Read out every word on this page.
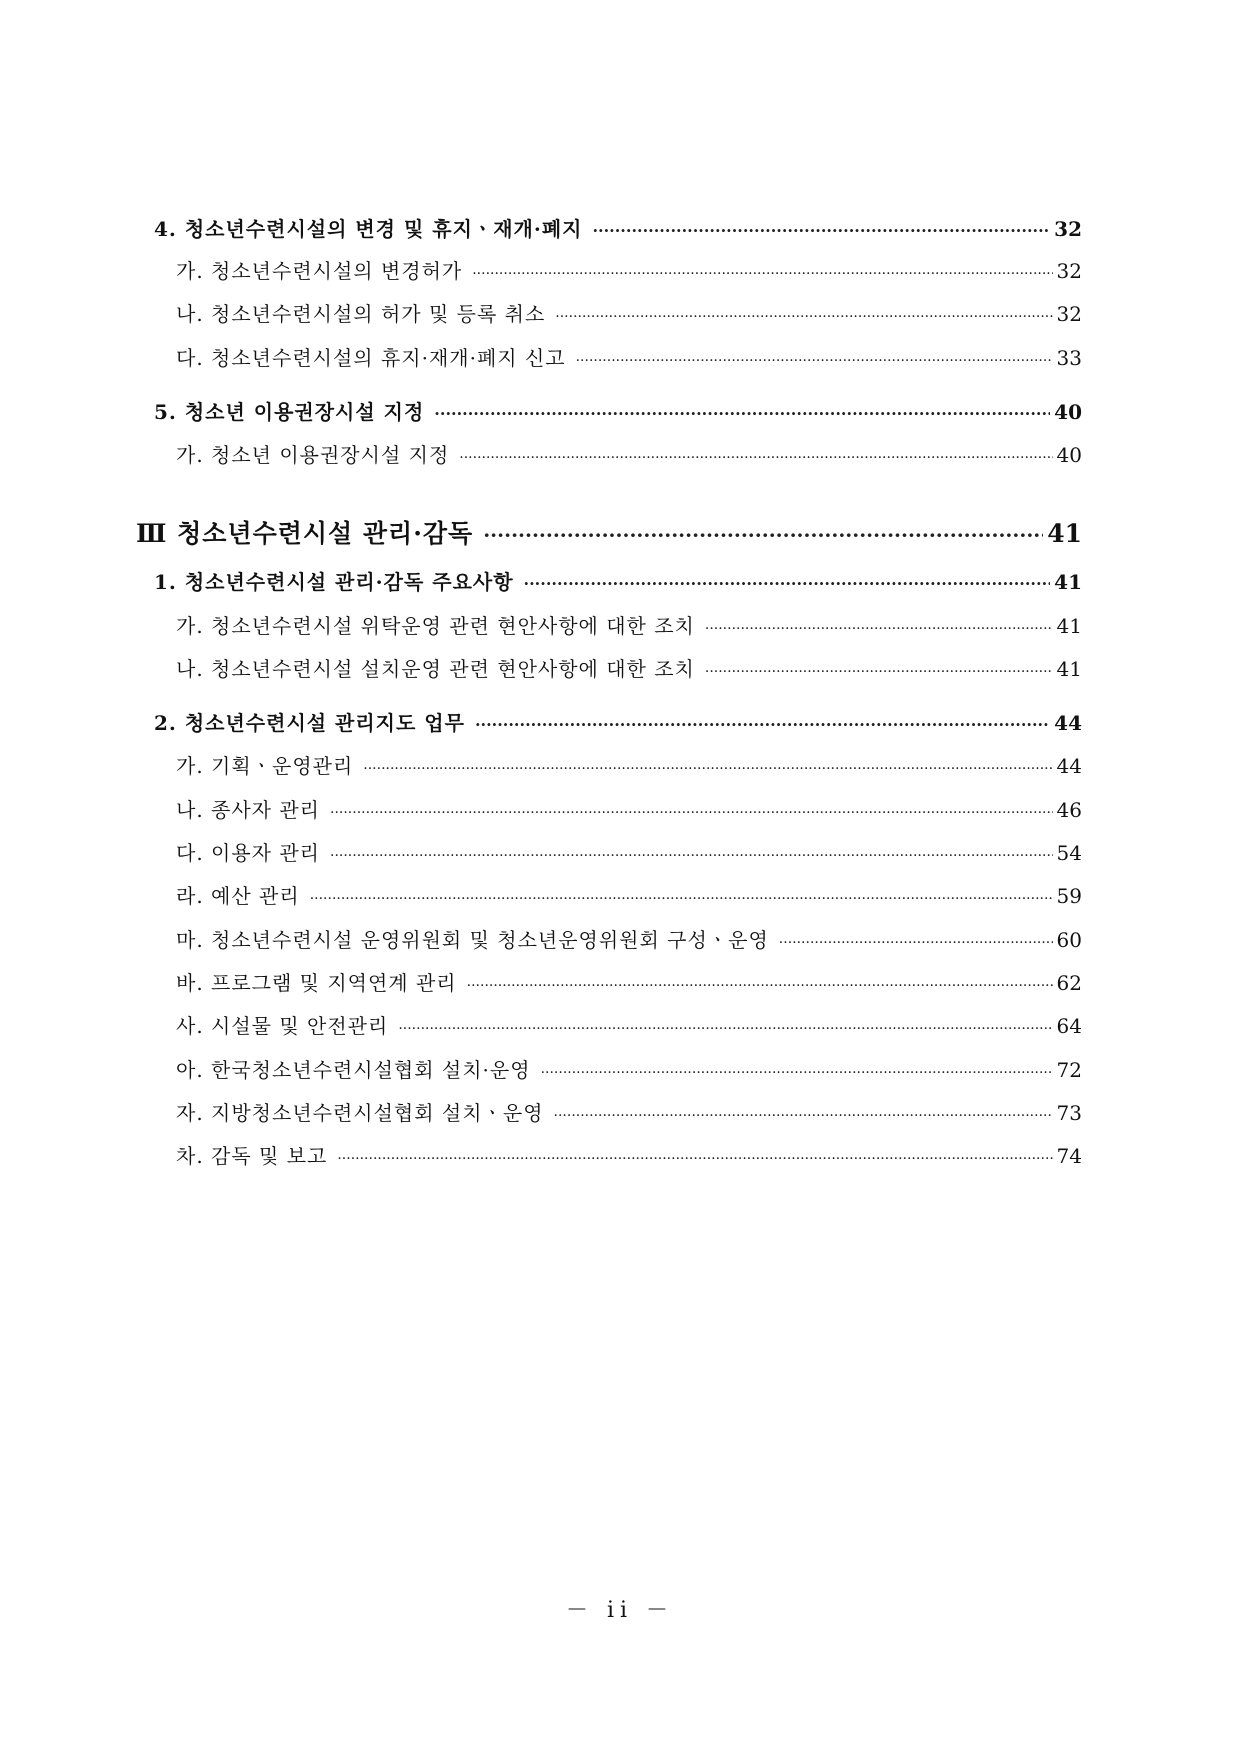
4. 청소년수련시설의 변경 및 휴지ㆍ재개·폐지 ·····	32
가. 청소년수련시설의 변경허가 ·····	32
나. 청소년수련시설의 허가 및 등록 취소 ·····	32
다. 청소년수련시설의 휴지·재개·폐지 신고 ·····	33
5. 청소년 이용권장시설 지정 ·····	40
가. 청소년 이용권장시설 지정 ·····	40
Ⅲ 청소년수련시설 관리·감독 ·····	41
1. 청소년수련시설 관리·감독 주요사항 ·····	41
가. 청소년수련시설 위탁운영 관련 현안사항에 대한 조치 ·····	41
나. 청소년수련시설 설치운영 관련 현안사항에 대한 조치 ·····	41
2. 청소년수련시설 관리지도 업무 ·····	44
가. 기획ㆍ운영관리 ·····	44
나. 종사자 관리 ·····	46
다. 이용자 관리 ·····	54
라. 예산 관리 ·····	59
마. 청소년수련시설 운영위원회 및 청소년운영위원회 구성ㆍ운영 ·····	60
바. 프로그램 및 지역연계 관리 ·····	62
사. 시설물 및 안전관리 ·····	64
아. 한국청소년수련시설협회 설치·운영 ·····	72
자. 지방청소년수련시설협회 설치ㆍ운영 ·····	73
차. 감독 및 보고 ·····	74
－ ii －
